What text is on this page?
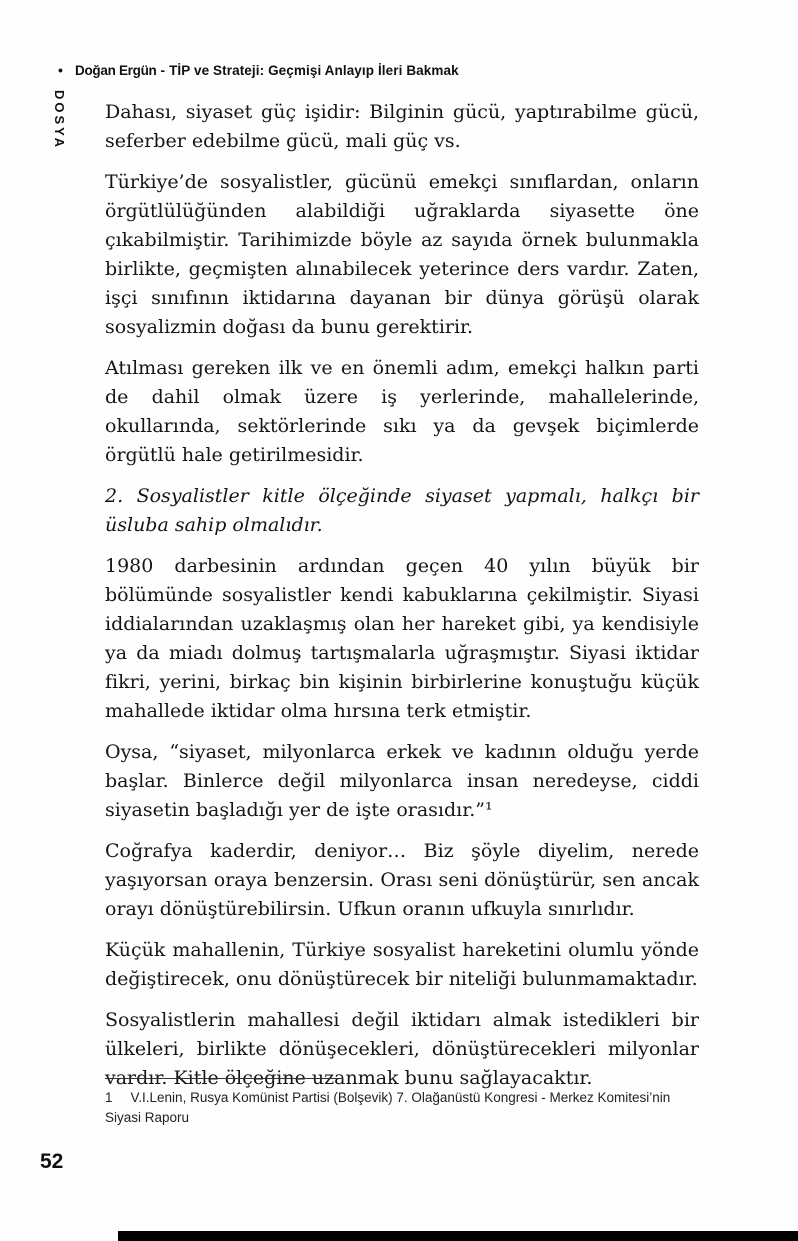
• Doğan Ergün - TİP ve Strateji: Geçmişi Anlayıp İleri Bakmak
DOSYA Dahası, siyaset güç işidir: Bilginin gücü, yaptırabilme gücü, seferber edebilme gücü, mali güç vs.

Türkiye’de sosyalistler, gücünü emekçi sınıflardan, onların örgütlülüğünden alabildiği uğraklarda siyasette öne çıkabilmiştir. Tarihimizde böyle az sayıda örnek bulunmakla birlikte, geçmişten alınabilecek yeterince ders vardır. Zaten, işçi sınıfının iktidarına dayanan bir dünya görüşü olarak sosyalizmin doğası da bunu gerektirir.

Atılması gereken ilk ve en önemli adım, emekçi halkın parti de dahil olmak üzere iş yerlerinde, mahallelerinde, okullarında, sektörlerinde sıkı ya da gevşek biçimlerde örgütlü hale getirilmesidir.

2. Sosyalistler kitle ölçeğinde siyaset yapmalı, halkçı bir üsluba sahip olmalıdır.

1980 darbesinin ardından geçen 40 yılın büyük bir bölümünde sosyalistler kendi kabuklarına çekilmiştir. Siyasi iddialarından uzaklaşmış olan her hareket gibi, ya kendisiyle ya da miadı dolmuş tartışmalarla uğraşmıştır. Siyasi iktidar fikri, yerini, birkaç bin kişinin birbirlerine konuştuğu küçük mahallede iktidar olma hırsına terk etmiştir.

Oysa, “siyaset, milyonlarca erkek ve kadının olduğu yerde başlar. Binlerce değil milyonlarca insan neredeyse, ciddi siyasetin başladığı yer de işte orasıdır.”¹

Coğrafya kaderdir, deniyor… Biz şöyle diyelim, nerede yaşıyorsan oraya benzersin. Orası seni dönüştürür, sen ancak orayı dönüştürebilirsin. Ufkun oranın ufkuyla sınırlıdır.

Küçük mahallenin, Türkiye sosyalist hareketini olumlu yönde değiştirecek, onu dönüştürecek bir niteliği bulunmamaktadır.

Sosyalistlerin mahallesi değil iktidarı almak istedikleri bir ülkeleri, birlikte dönüşecekleri, dönüştürecekleri milyonlar vardır. Kitle ölçeğine uzanmak bunu sağlayacaktır.

1 V.I.Lenin, Rusya Komünist Partisi (Bolşevik) 7. Olağanüstü Kongresi - Merkez Komitesi’nin Siyasi Raporu
52
